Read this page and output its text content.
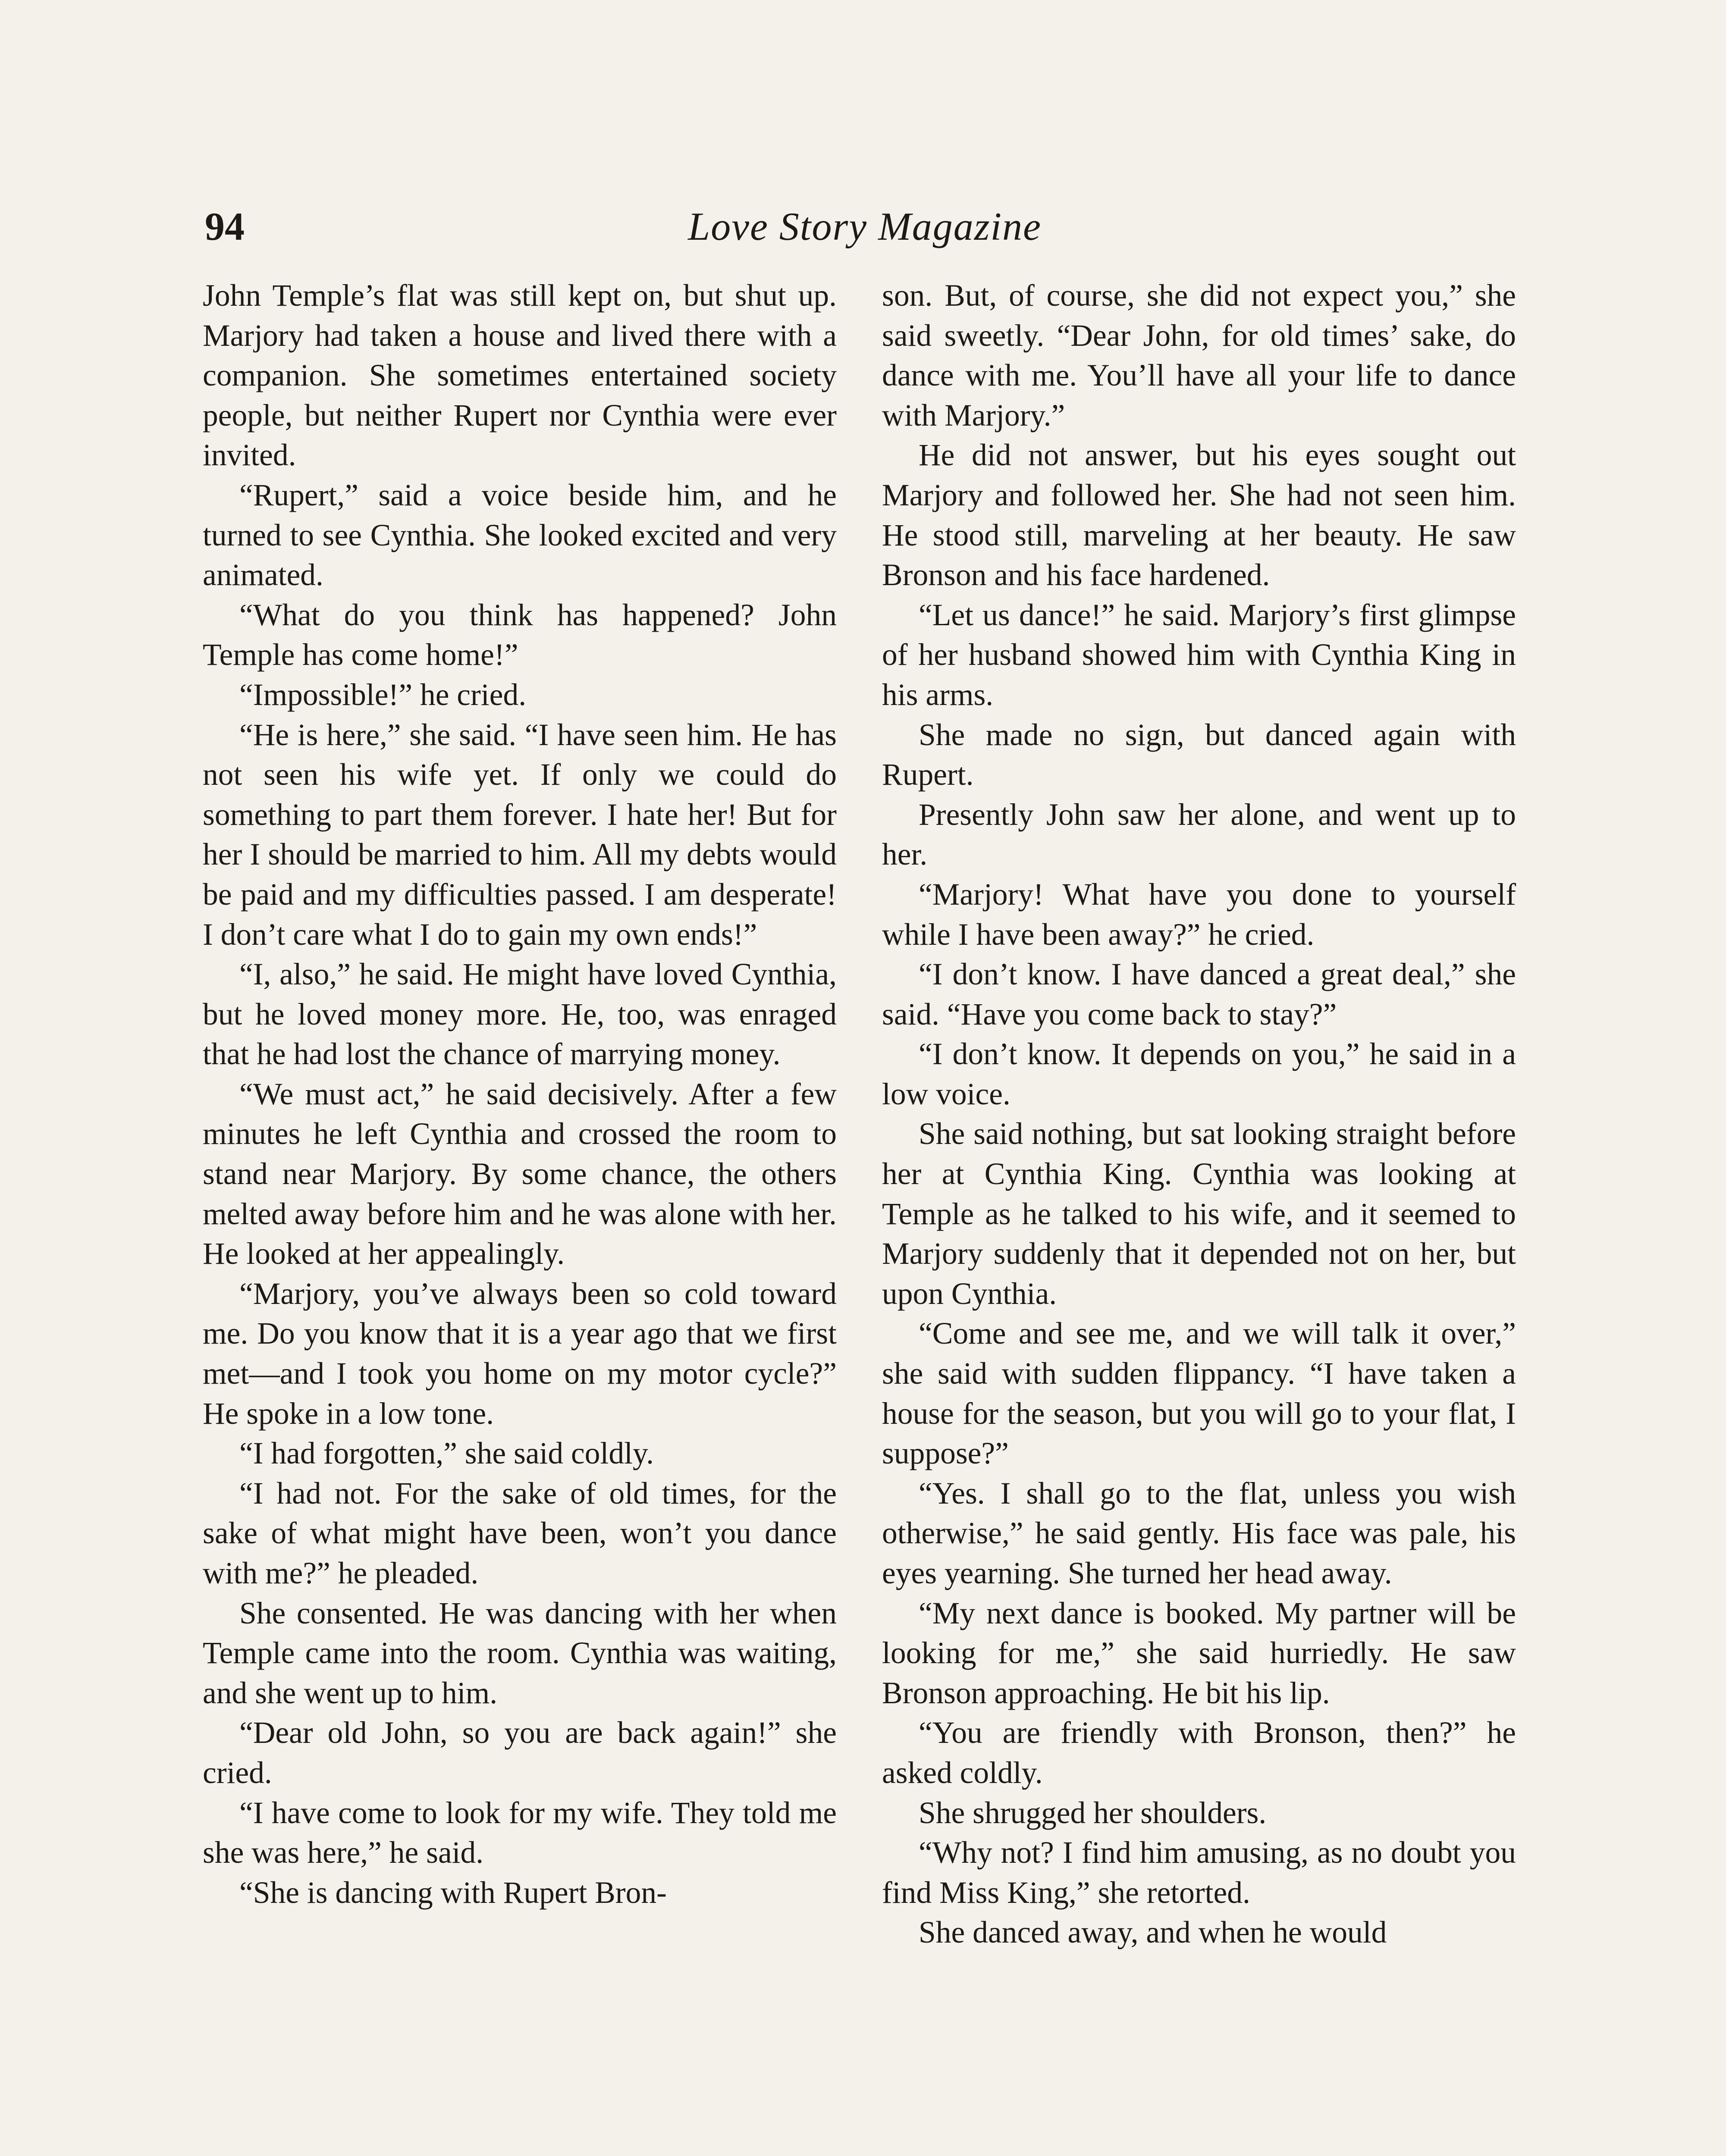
94	Love Story Magazine

John Temple’s flat was still kept on, but shut up. Marjory had taken a house and lived there with a companion. She sometimes entertained society people, but neither Rupert nor Cynthia were ever invited.

“Rupert,” said a voice beside him, and he turned to see Cynthia. She looked excited and very animated.

“What do you think has happened? John Temple has come home!”

“Impossible!” he cried.

“He is here,” she said. “I have seen him. He has not seen his wife yet. If only we could do something to part them forever. I hate her! But for her I should be married to him. All my debts would be paid and my difficulties passed. I am desperate! I don’t care what I do to gain my own ends!”

“I, also,” he said. He might have loved Cynthia, but he loved money more. He, too, was enraged that he had lost the chance of marrying money.

“We must act,” he said decisively. After a few minutes he left Cynthia and crossed the room to stand near Marjory. By some chance, the others melted away before him and he was alone with her. He looked at her appealingly.

“Marjory, you’ve always been so cold toward me. Do you know that it is a year ago that we first met—and I took you home on my motor cycle?” He spoke in a low tone.

“I had forgotten,” she said coldly.

“I had not. For the sake of old times, for the sake of what might have been, won’t you dance with me?” he pleaded.

She consented. He was dancing with her when Temple came into the room. Cynthia was waiting, and she went up to him.

“Dear old John, so you are back again!” she cried.

“I have come to look for my wife. They told me she was here,” he said.

“She is dancing with Rupert Bron-

son. But, of course, she did not expect you,” she said sweetly. “Dear John, for old times’ sake, do dance with me. You’ll have all your life to dance with Marjory.”

He did not answer, but his eyes sought out Marjory and followed her. She had not seen him. He stood still, marveling at her beauty. He saw Bronson and his face hardened.

“Let us dance!” he said. Marjory’s first glimpse of her husband showed him with Cynthia King in his arms.

She made no sign, but danced again with Rupert.

Presently John saw her alone, and went up to her.

“Marjory! What have you done to yourself while I have been away?” he cried.

“I don’t know. I have danced a great deal,” she said. “Have you come back to stay?”

“I don’t know. It depends on you,” he said in a low voice.

She said nothing, but sat looking straight before her at Cynthia King. Cynthia was looking at Temple as he talked to his wife, and it seemed to Marjory suddenly that it depended not on her, but upon Cynthia.

“Come and see me, and we will talk it over,” she said with sudden flippancy. “I have taken a house for the season, but you will go to your flat, I suppose?”

“Yes. I shall go to the flat, unless you wish otherwise,” he said gently. His face was pale, his eyes yearning. She turned her head away.

“My next dance is booked. My partner will be looking for me,” she said hurriedly. He saw Bronson approaching. He bit his lip.

“You are friendly with Bronson, then?” he asked coldly.

She shrugged her shoulders.

“Why not? I find him amusing, as no doubt you find Miss King,” she retorted.

She danced away, and when he would
